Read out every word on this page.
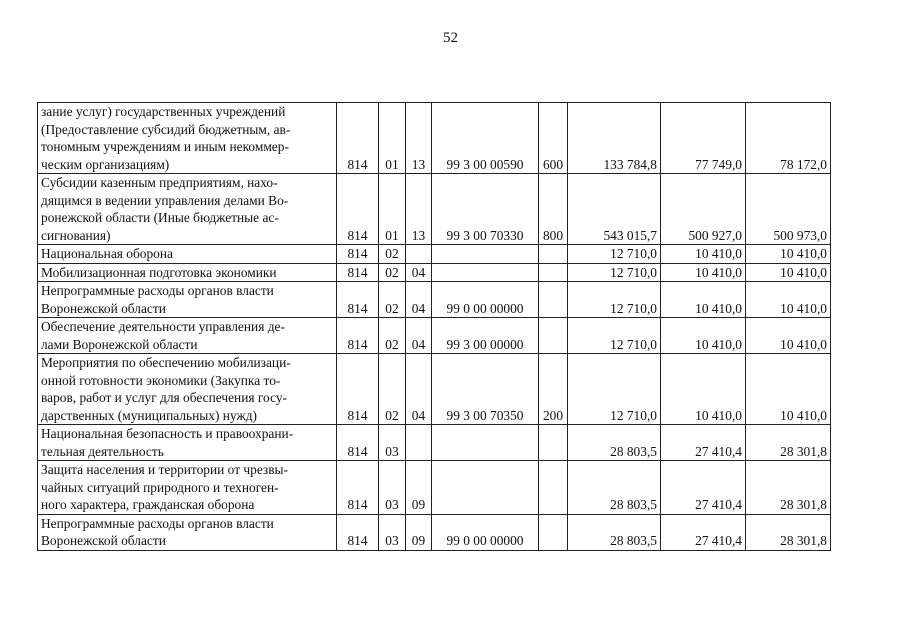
52
зание услуг) государственных учреждений
(Предоставление субсидий бюджетным, ав-
тономным учреждениям и иным некоммер-
ческим организациям)	814	01	13	99 3 00 00590	600	133 784,8	77 749,0	78 172,0
Субсидии казенным предприятиям, нахо-
дящимся в ведении управления делами Во-
ронежской области (Иные бюджетные ас-
сигнования)	814	01	13	99 3 00 70330	800	543 015,7	500 927,0	500 973,0
Национальная оборона	814	02				12 710,0	10 410,0	10 410,0
Мобилизационная подготовка экономики	814	02	04			12 710,0	10 410,0	10 410,0
Непрограммные расходы органов власти
Воронежской области	814	02	04	99 0 00 00000		12 710,0	10 410,0	10 410,0
Обеспечение деятельности управления де-
лами Воронежской области	814	02	04	99 3 00 00000		12 710,0	10 410,0	10 410,0
Мероприятия по обеспечению мобилизаци-
онной готовности экономики (Закупка то-
варов, работ и услуг для обеспечения госу-
дарственных (муниципальных) нужд)	814	02	04	99 3 00 70350	200	12 710,0	10 410,0	10 410,0
Национальная безопасность и правоохрани-
тельная деятельность	814	03				28 803,5	27 410,4	28 301,8
Защита населения и территории от чрезвы-
чайных ситуаций природного и техноген-
ного характера, гражданская оборона	814	03	09			28 803,5	27 410,4	28 301,8
Непрограммные расходы органов власти
Воронежской области	814	03	09	99 0 00 00000		28 803,5	27 410,4	28 301,8
